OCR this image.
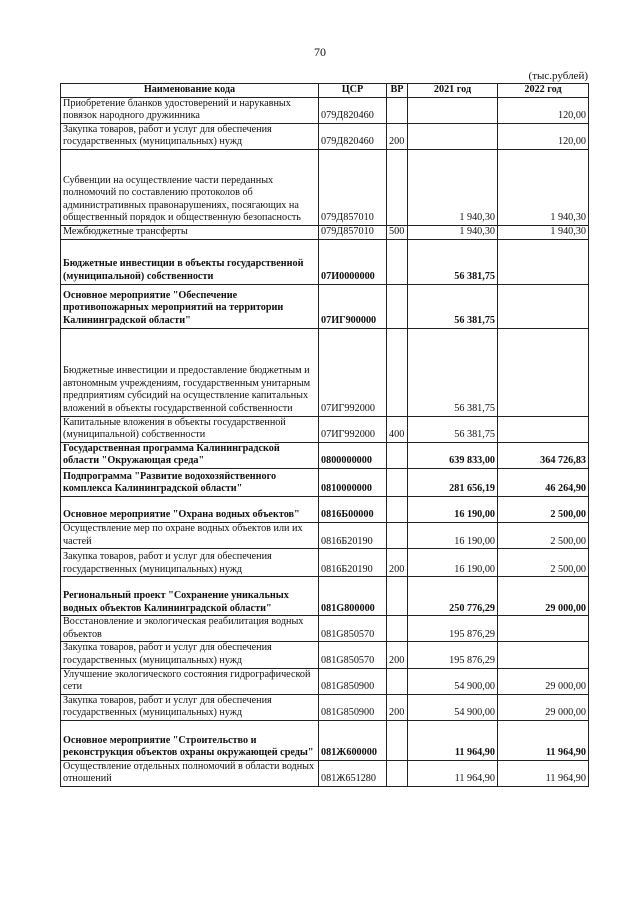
70
(тыс.рублей)
Наименование кода	ЦСР	ВР	2021 год	2022 год
Приобретение бланков удостоверений и нарукавных повязок народного дружинника	079Д820460			120,00
Закупка товаров, работ и услуг для обеспечения государственных (муниципальных) нужд	079Д820460	200		120,00
Субвенции на осуществление части переданных полномочий по составлению протоколов об административных правонарушениях, посягающих на общественный порядок и общественную безопасность	079Д857010		1 940,30	1 940,30
Межбюджетные трансферты	079Д857010	500	1 940,30	1 940,30
Бюджетные инвестиции в объекты государственной (муниципальной) собственности	07И0000000		56 381,75	
Основное мероприятие "Обеспечение противопожарных мероприятий на территории Калининградской области"	07ИГ900000		56 381,75	
Бюджетные инвестиции и предоставление бюджетным и автономным учреждениям, государственным унитарным предприятиям субсидий на осуществление капитальных вложений в объекты государственной собственности	07ИГ992000		56 381,75	
Капитальные вложения в объекты государственной (муниципальной) собственности	07ИГ992000	400	56 381,75	
Государственная программа Калининградской области "Окружающая среда"	0800000000		639 833,00	364 726,83
Подпрограмма "Развитие водохозяйственного комплекса Калининградской области"	0810000000		281 656,19	46 264,90
Основное мероприятие "Охрана водных объектов"	0816Б00000		16 190,00	2 500,00
Осуществление мер по охране водных объектов или их частей	0816Б20190		16 190,00	2 500,00
Закупка товаров, работ и услуг для обеспечения государственных (муниципальных) нужд	0816Б20190	200	16 190,00	2 500,00
Региональный проект "Сохранение уникальных водных объектов Калининградской области"	081G800000		250 776,29	29 000,00
Восстановление и экологическая реабилитация водных объектов	081G850570		195 876,29	
Закупка товаров, работ и услуг для обеспечения государственных (муниципальных) нужд	081G850570	200	195 876,29	
Улучшение экологического состояния гидрографической сети	081G850900		54 900,00	29 000,00
Закупка товаров, работ и услуг для обеспечения государственных (муниципальных) нужд	081G850900	200	54 900,00	29 000,00
Основное мероприятие "Строительство и реконструкция объектов охраны окружающей среды"	081Ж600000		11 964,90	11 964,90
Осуществление отдельных полномочий в области водных отношений	081Ж651280		11 964,90	11 964,90
